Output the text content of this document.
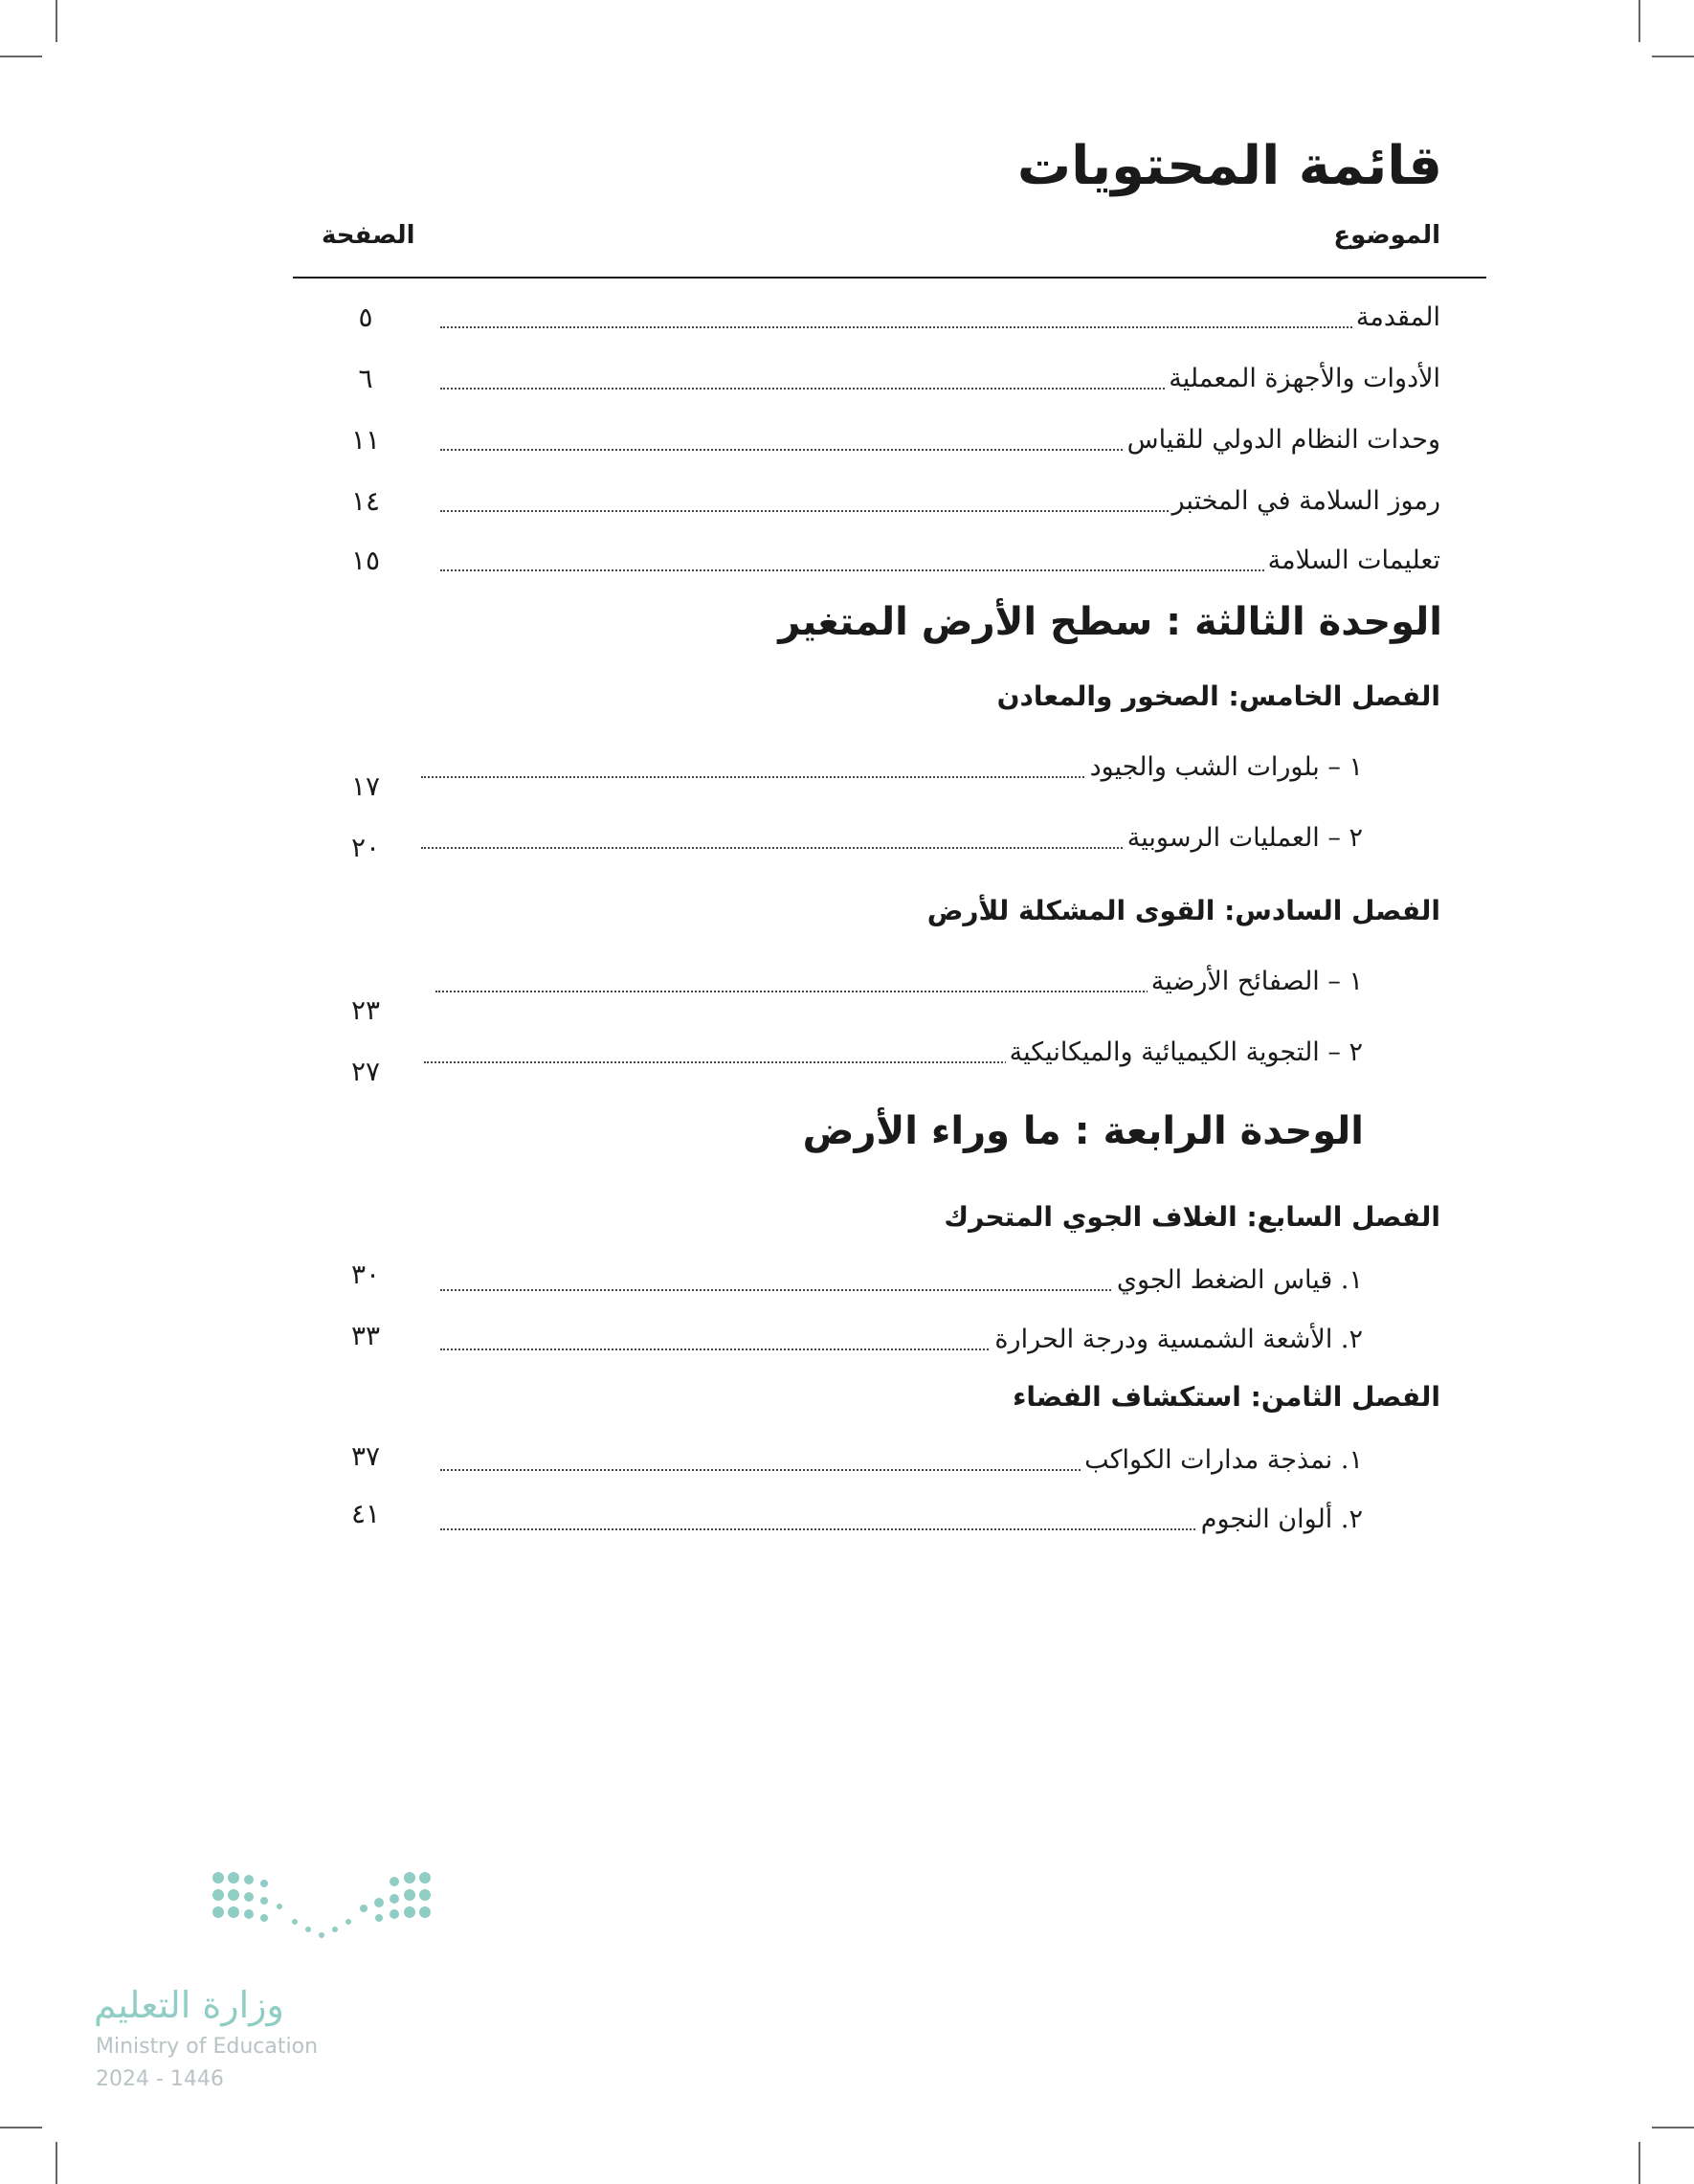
قائمة المحتويات
الموضوع
الصفحة
المقدمة
٥
الأدوات والأجهزة المعملية
٦
وحدات النظام الدولي للقياس
١١
رموز السلامة في المختبر
١٤
تعليمات السلامة
١٥
الوحدة الثالثة : سطح الأرض المتغير
الفصل الخامس: الصخور والمعادن
١ – بلورات الشب والجيود
١٧
٢ – العمليات الرسوبية
٢٠
الفصل السادس: القوى المشكلة للأرض
١ – الصفائح الأرضية
٢٣
٢ – التجوية الكيميائية والميكانيكية
٢٧
الوحدة الرابعة : ما وراء الأرض
الفصل السابع: الغلاف الجوي المتحرك
١. قياس الضغط الجوي
٣٠
٢. الأشعة الشمسية ودرجة الحرارة
٣٣
الفصل الثامن: استكشاف الفضاء
١. نمذجة مدارات الكواكب
٣٧
٢. ألوان النجوم
٤١
وزارة التعليم
Ministry of Education
2024 - 1446
